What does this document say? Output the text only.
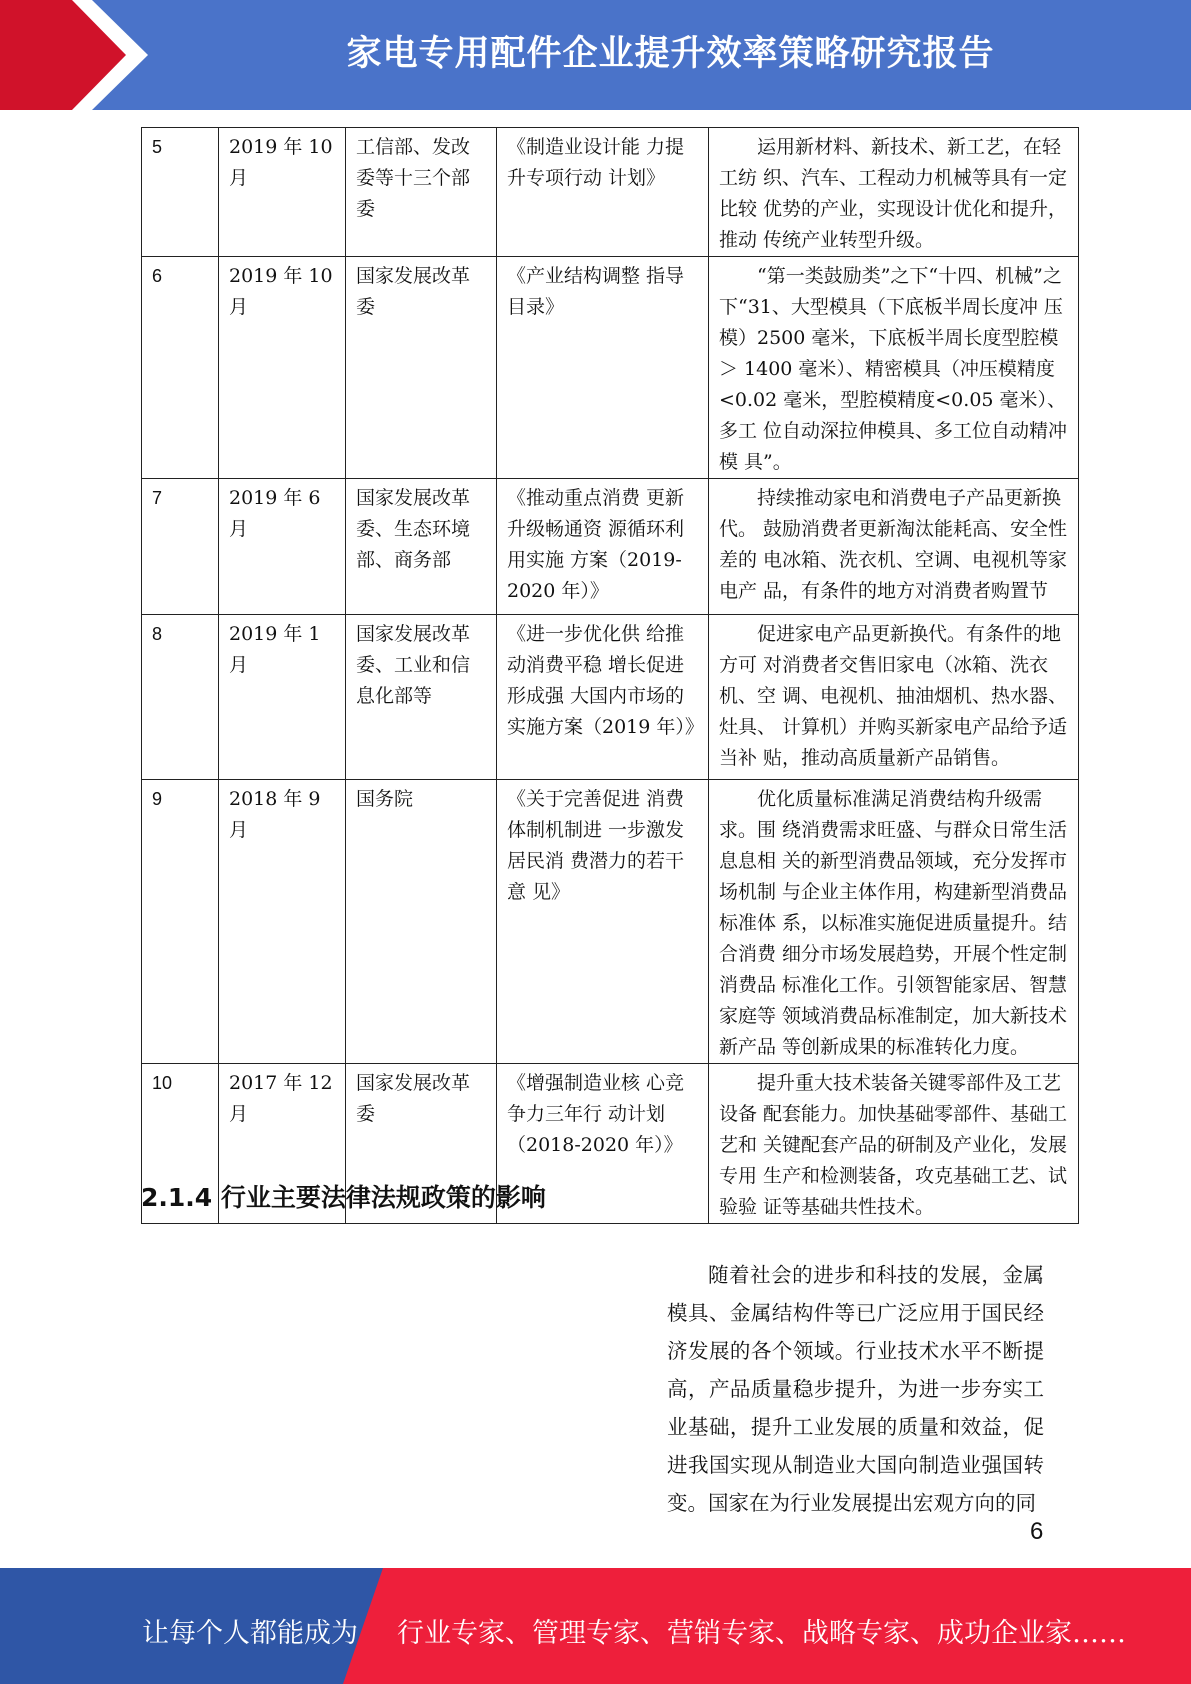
家电专用配件企业提升效率策略研究报告
5	2019 年 10 月	工信部、发改委等十三个部委	《制造业设计能 力提升专项行动 计划》	运用新材料、新技术、新工艺，在轻工纺 织、汽车、工程动力机械等具有一定比较 优势的产业，实现设计优化和提升，推动 传统产业转型升级。
6	2019 年 10 月	国家发展改革委	《产业结构调整 指导目录》	“第一类鼓励类”之下“十四、机械”之下“31、大型模具（下底板半周长度冲 压模）2500 毫米，下底板半周长度型腔模 ＞ 1400 毫米）、精密模具（冲压模精度 <0.02 毫米，型腔模精度<0.05 毫米）、多工 位自动深拉伸模具、多工位自动精冲模 具”。
7	2019 年 6 月	国家发展改革委、生态环境部、商务部	《推动重点消费 更新升级畅通资 源循环利用实施 方案（2019- 2020 年）》	持续推动家电和消费电子产品更新换代。 鼓励消费者更新淘汰能耗高、安全性差的 电冰箱、洗衣机、空调、电视机等家电产 品，有条件的地方对消费者购置节

8	2019 年 1 月	国家发展改革委、工业和信息化部等	《进一步优化供 给推动消费平稳 增长促进形成强 大国内市场的实施方案（2019 年）》	促进家电产品更新换代。有条件的地方可 对消费者交售旧家电（冰箱、洗衣机、空 调、电视机、抽油烟机、热水器、灶具、 计算机）并购买新家电产品给予适当补 贴，推动高质量新产品销售。
9	2018 年 9 月	国务院	《关于完善促进 消费体制机制进 一步激发居民消 费潜力的若干意 见》	优化质量标准满足消费结构升级需求。围 绕消费需求旺盛、与群众日常生活息息相 关的新型消费品领域，充分发挥市场机制 与企业主体作用，构建新型消费品标准体 系，以标准实施促进质量提升。结合消费 细分市场发展趋势，开展个性定制消费品 标准化工作。引领智能家居、智慧家庭等 领域消费品标准制定，加大新技术新产品 等创新成果的标准转化力度。
10	2017 年 12 月	国家发展改革委	《增强制造业核 心竞争力三年行 动计划（2018-2020 年）》	提升重大技术装备关键零部件及工艺设备 配套能力。加快基础零部件、基础工艺和 关键配套产品的研制及产业化，发展专用 生产和检测装备，攻克基础工艺、试验验 证等基础共性技术。
2.1.4 行业主要法律法规政策的影响
随着社会的进步和科技的发展，金属模具、金属结构件等已广泛应用于国民经济发展的各个领域。行业技术水平不断提高，产品质量稳步提升，为进一步夯实工业基础，提升工业发展的质量和效益，促进我国实现从制造业大国向制造业强国转变。国家在为行业发展提出宏观方向的同
6
让每个人都能成为 行业专家、管理专家、营销专家、战略专家、成功企业家……
